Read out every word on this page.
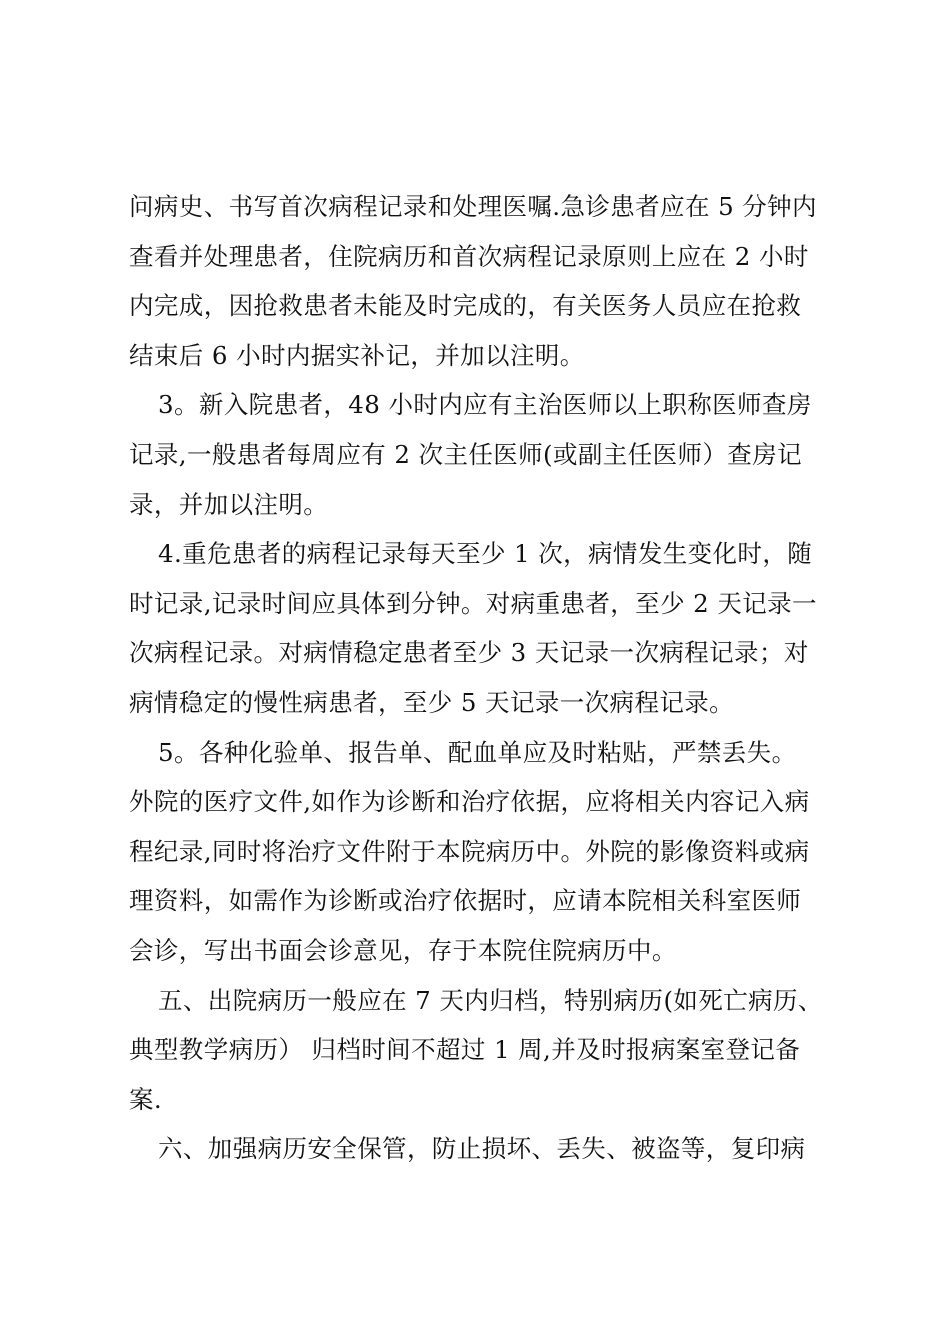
问病史、书写首次病程记录和处理医嘱.急诊患者应在 5 分钟内
查看并处理患者，住院病历和首次病程记录原则上应在 2 小时
内完成，因抢救患者未能及时完成的，有关医务人员应在抢救
结束后 6 小时内据实补记，并加以注明。
3。新入院患者，48 小时内应有主治医师以上职称医师查房
记录,一般患者每周应有 2 次主任医师(或副主任医师）查房记
录，并加以注明。
4.重危患者的病程记录每天至少 1 次，病情发生变化时，随
时记录,记录时间应具体到分钟。对病重患者，至少 2 天记录一
次病程记录。对病情稳定患者至少 3 天记录一次病程记录；对
病情稳定的慢性病患者，至少 5 天记录一次病程记录。
5。各种化验单、报告单、配血单应及时粘贴，严禁丢失。
外院的医疗文件,如作为诊断和治疗依据，应将相关内容记入病
程纪录,同时将治疗文件附于本院病历中。外院的影像资料或病
理资料，如需作为诊断或治疗依据时，应请本院相关科室医师
会诊，写出书面会诊意见，存于本院住院病历中。
五、出院病历一般应在 7 天内归档，特别病历(如死亡病历、
典型教学病历） 归档时间不超过 1 周,并及时报病案室登记备
案.
六、加强病历安全保管，防止损坏、丢失、被盗等，复印病
